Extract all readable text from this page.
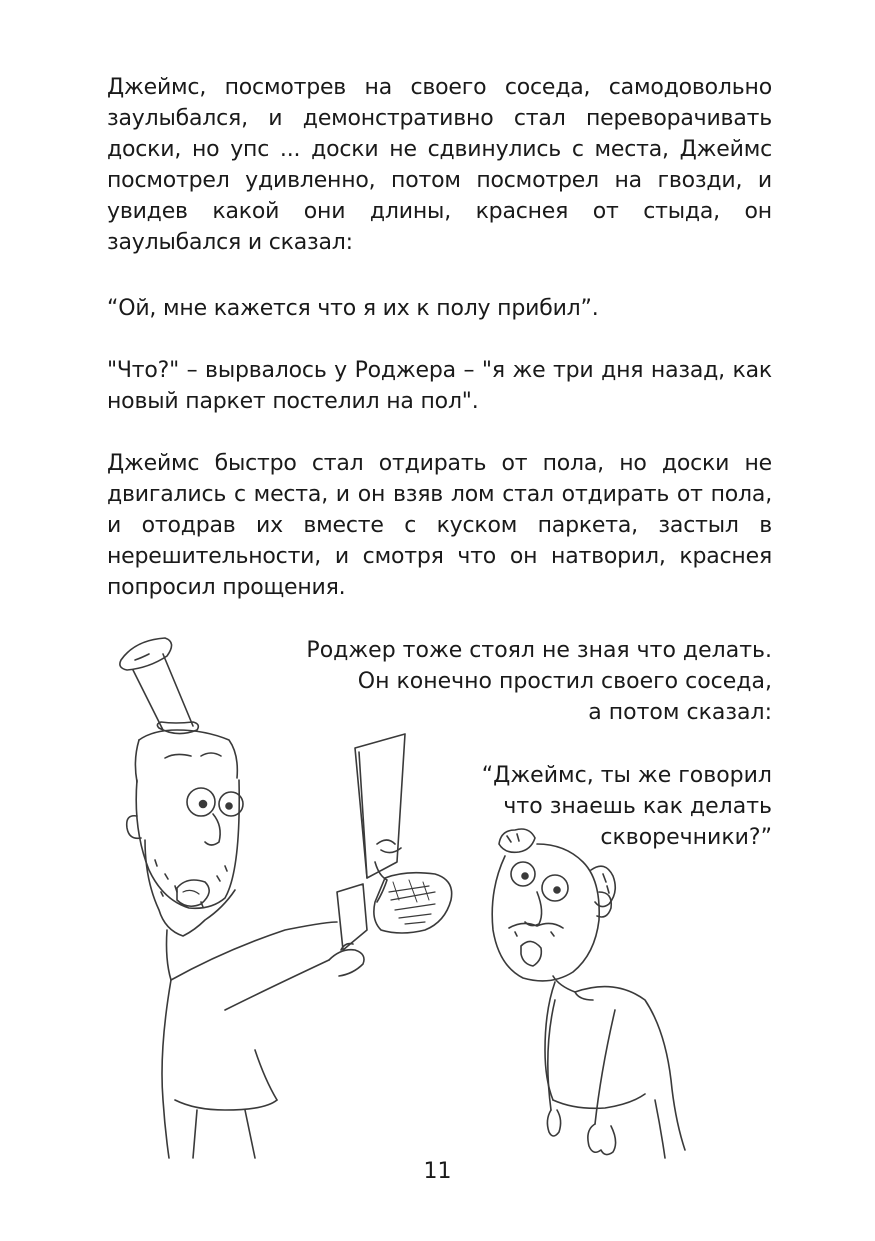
Джеймс, посмотрев на своего соседа, самодовольно заулыбался, и демонстративно стал переворачивать доски, но упс ... доски не сдвинулись с места, Джеймс посмотрел удивленно, потом посмотрел на гвозди, и увидев какой они длины, краснея от стыда, он заулыбался и сказал:

“Ой, мне кажется что я их к полу прибил”.

"Что?" – вырвалось у Роджера – "я же три дня назад, как новый паркет постелил на пол".

Джеймс быстро стал отдирать от пола, но доски не двигались с места, и он взяв лом стал отдирать от пола, и отодрав их вместе с куском паркета, застыл в нерешительности, и смотря что он натворил, краснея попросил прощения.

Роджер тоже стоял не зная что делать.
Он конечно простил своего соседа,
а потом сказал:

“Джеймс, ты же говорил
что знаешь как делать
скворечники?”

11
